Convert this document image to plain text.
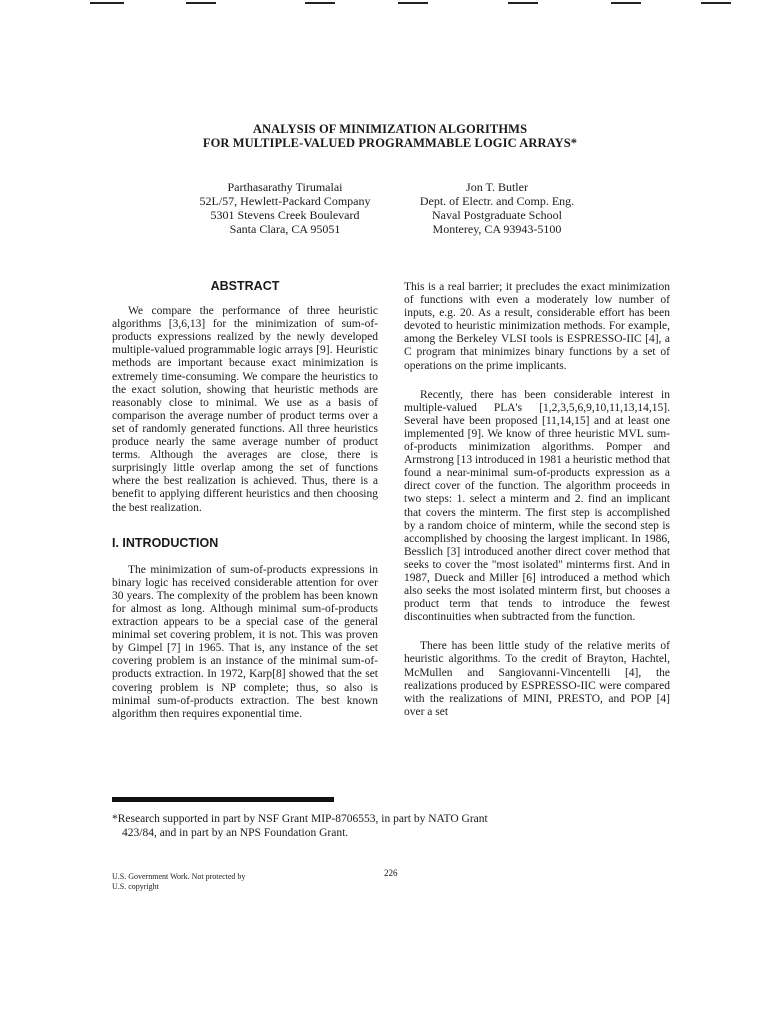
ANALYSIS OF MINIMIZATION ALGORITHMS
FOR MULTIPLE-VALUED PROGRAMMABLE LOGIC ARRAYS*
Parthasarathy Tirumalai
52L/57, Hewlett-Packard Company
5301 Stevens Creek Boulevard
Santa Clara, CA 95051
Jon T. Butler
Dept. of Electr. and Comp. Eng.
Naval Postgraduate School
Monterey, CA 93943-5100
ABSTRACT

We compare the performance of three heuristic algorithms [3,6,13] for the minimization of sum-of-products expressions realized by the newly developed multiple-valued programmable logic arrays [9]. Heuristic methods are important because exact minimization is extremely time-consuming. We compare the heuristics to the exact solution, showing that heuristic methods are reasonably close to minimal. We use as a basis of comparison the average number of product terms over a set of randomly generated functions. All three heuristics produce nearly the same average number of product terms. Although the averages are close, there is surprisingly little overlap among the set of functions where the best realization is achieved. Thus, there is a benefit to applying different heuristics and then choosing the best realization.

I. INTRODUCTION

The minimization of sum-of-products expressions in binary logic has received considerable attention for over 30 years. The complexity of the problem has been known for almost as long. Although minimal sum-of-products extraction appears to be a special case of the general minimal set covering problem, it is not. This was proven by Gimpel [7] in 1965. That is, any instance of the set covering problem is an instance of the minimal sum-of-products extraction. In 1972, Karp[8] showed that the set covering problem is NP complete; thus, so also is minimal sum-of-products extraction. The best known algorithm then requires exponential time.

This is a real barrier; it precludes the exact minimization of functions with even a moderately low number of inputs, e.g. 20. As a result, considerable effort has been devoted to heuristic minimization methods. For example, among the Berkeley VLSI tools is ESPRESSO-IIC [4], a C program that minimizes binary functions by a set of operations on the prime implicants.

Recently, there has been considerable interest in multiple-valued PLA's [1,2,3,5,6,9,10,11,13,14,15]. Several have been proposed [11,14,15] and at least one implemented [9]. We know of three heuristic MVL sum-of-products minimization algorithms. Pomper and Armstrong [13 introduced in 1981 a heuristic method that found a near-minimal sum-of-products expression as a direct cover of the function. The algorithm proceeds in two steps: 1. select a minterm and 2. find an implicant that covers the minterm. The first step is accomplished by a random choice of minterm, while the second step is accomplished by choosing the largest implicant. In 1986, Besslich [3] introduced another direct cover method that seeks to cover the "most isolated" minterms first. And in 1987, Dueck and Miller [6] introduced a method which also seeks the most isolated minterm first, but chooses a product term that tends to introduce the fewest discontinuities when subtracted from the function.

There has been little study of the relative merits of heuristic algorithms. To the credit of Brayton, Hachtel, McMullen and Sangiovanni-Vincentelli [4], the realizations produced by ESPRESSO-IIC were compared with the realizations of MINI, PRESTO, and POP [4] over a set

*Research supported in part by NSF Grant MIP-8706553, in part by NATO Grant
423/84, and in part by an NPS Foundation Grant.
U.S. Government Work. Not protected by
U.S. copyright
226
